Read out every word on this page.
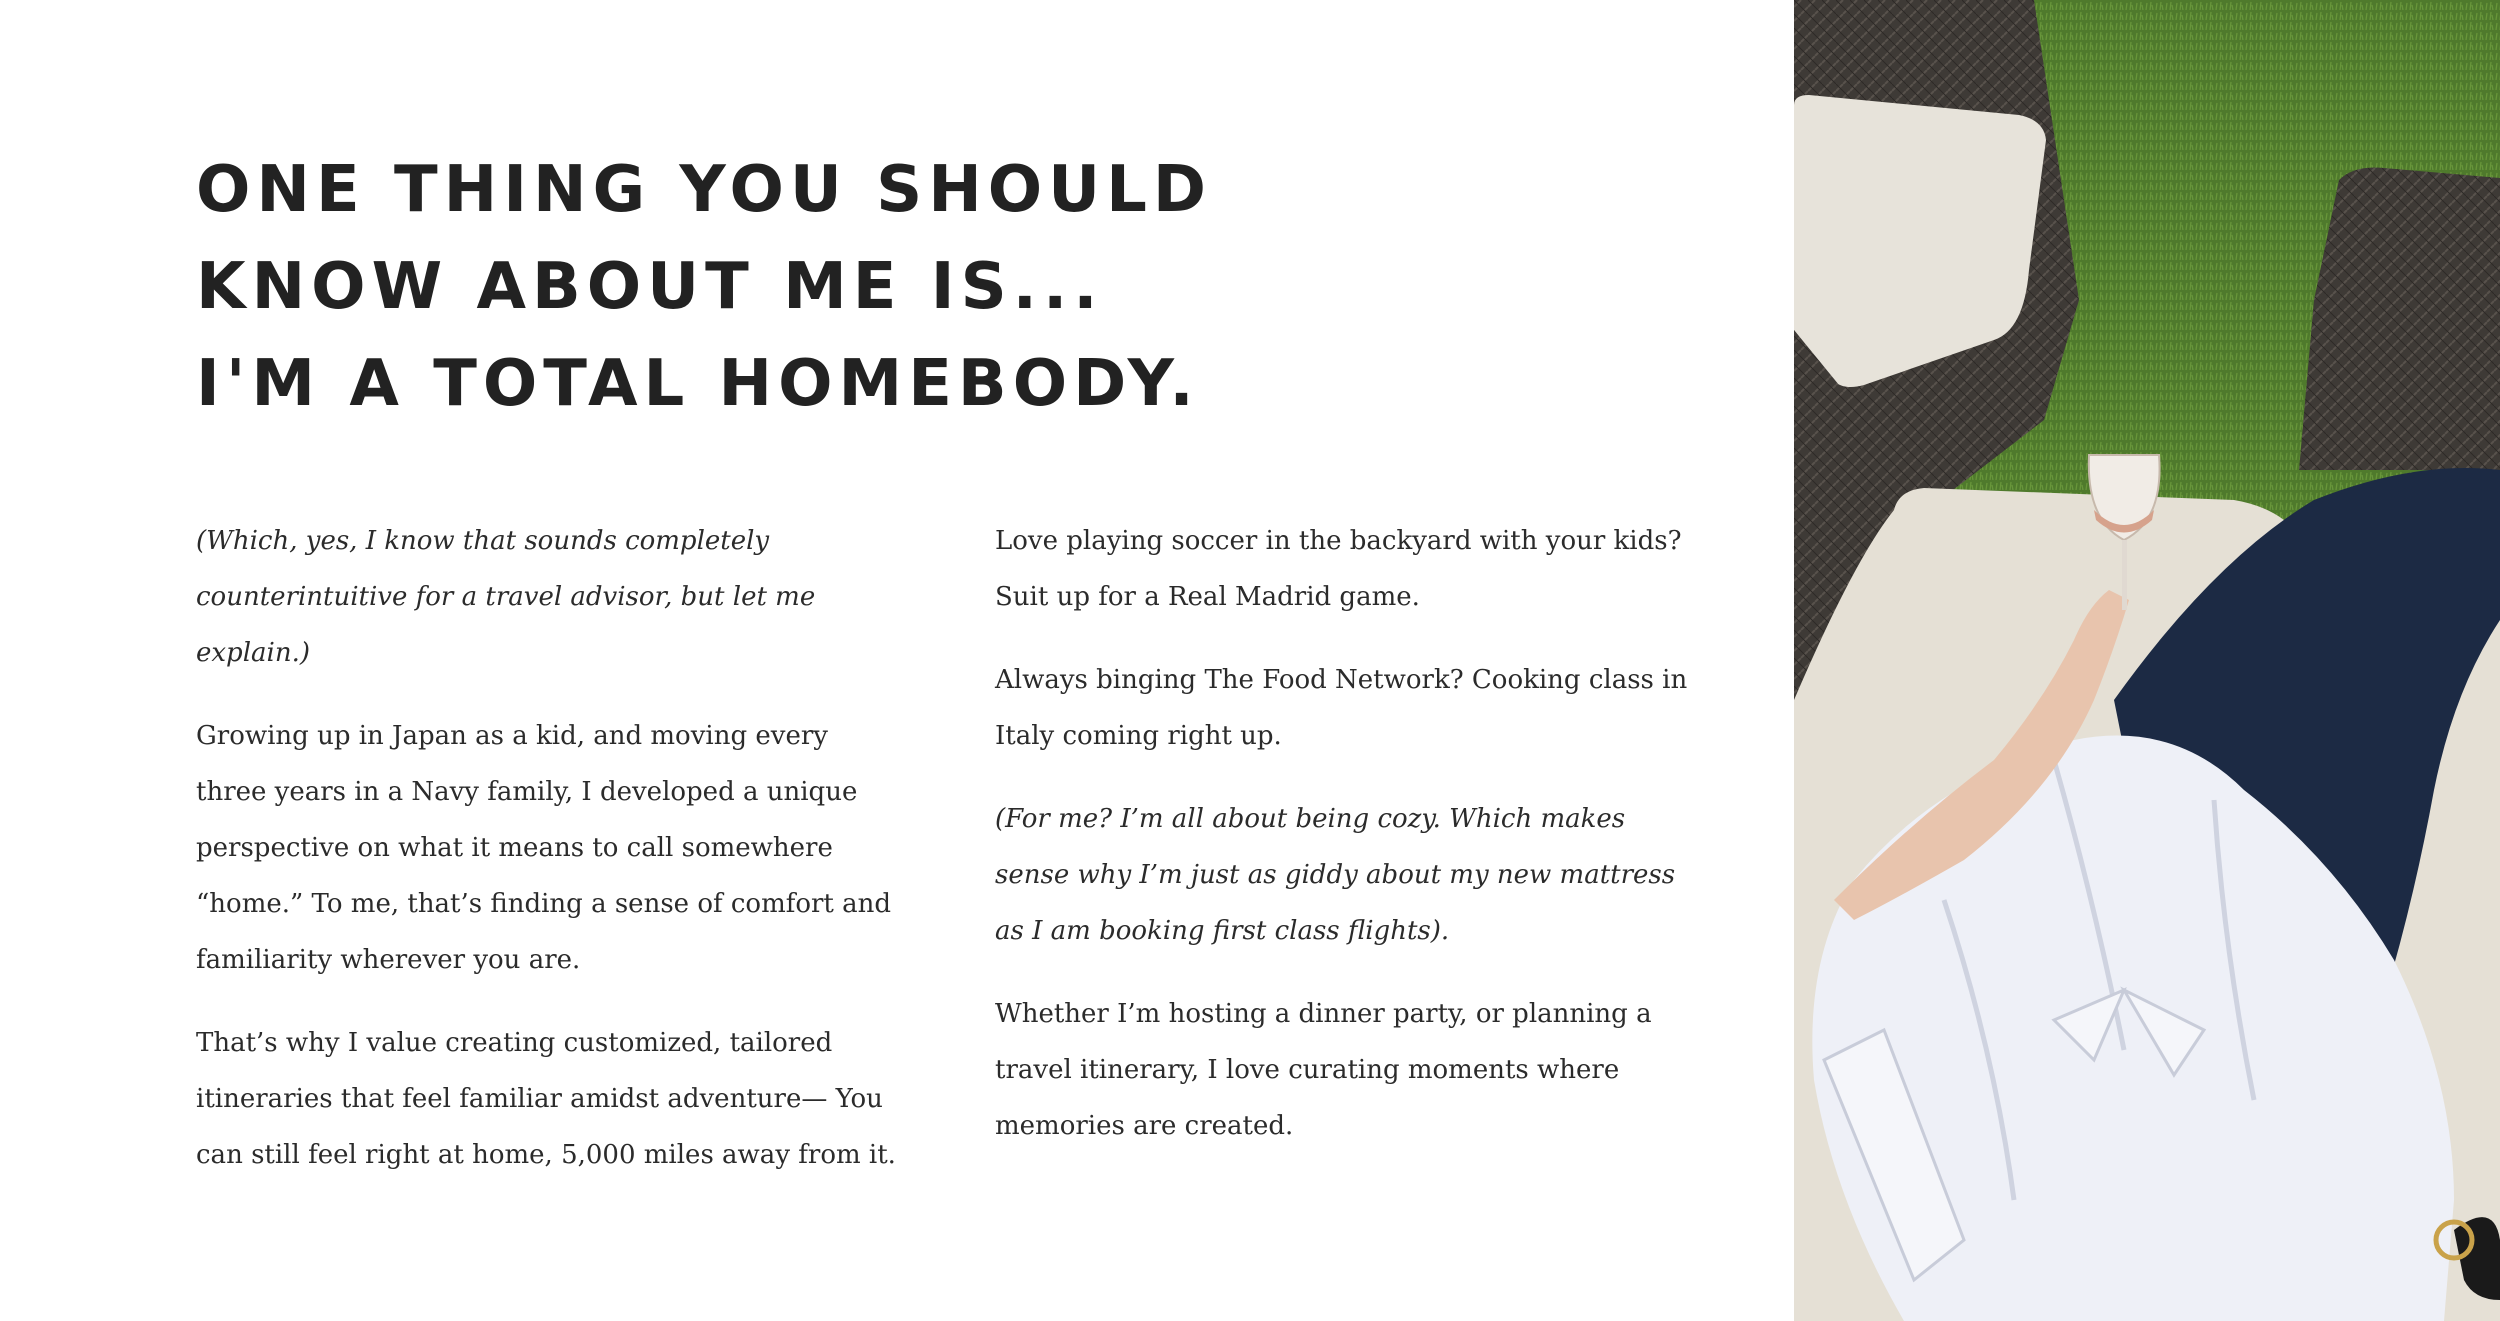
ONE THING YOU SHOULD
KNOW ABOUT ME IS...
I'M A TOTAL HOMEBODY.

(Which, yes, I know that sounds completely counterintuitive for a travel advisor, but let me explain.)

Growing up in Japan as a kid, and moving every three years in a Navy family, I developed a unique perspective on what it means to call somewhere “home.” To me, that’s finding a sense of comfort and familiarity wherever you are.

That’s why I value creating customized, tailored itineraries that feel familiar amidst adventure— You can still feel right at home, 5,000 miles away from it.

Love playing soccer in the backyard with your kids? Suit up for a Real Madrid game.

Always binging The Food Network? Cooking class in Italy coming right up.

(For me? I’m all about being cozy. Which makes sense why I’m just as giddy about my new mattress as I am booking first class flights).

Whether I’m hosting a dinner party, or planning a travel itinerary, I love curating moments where memories are created.
